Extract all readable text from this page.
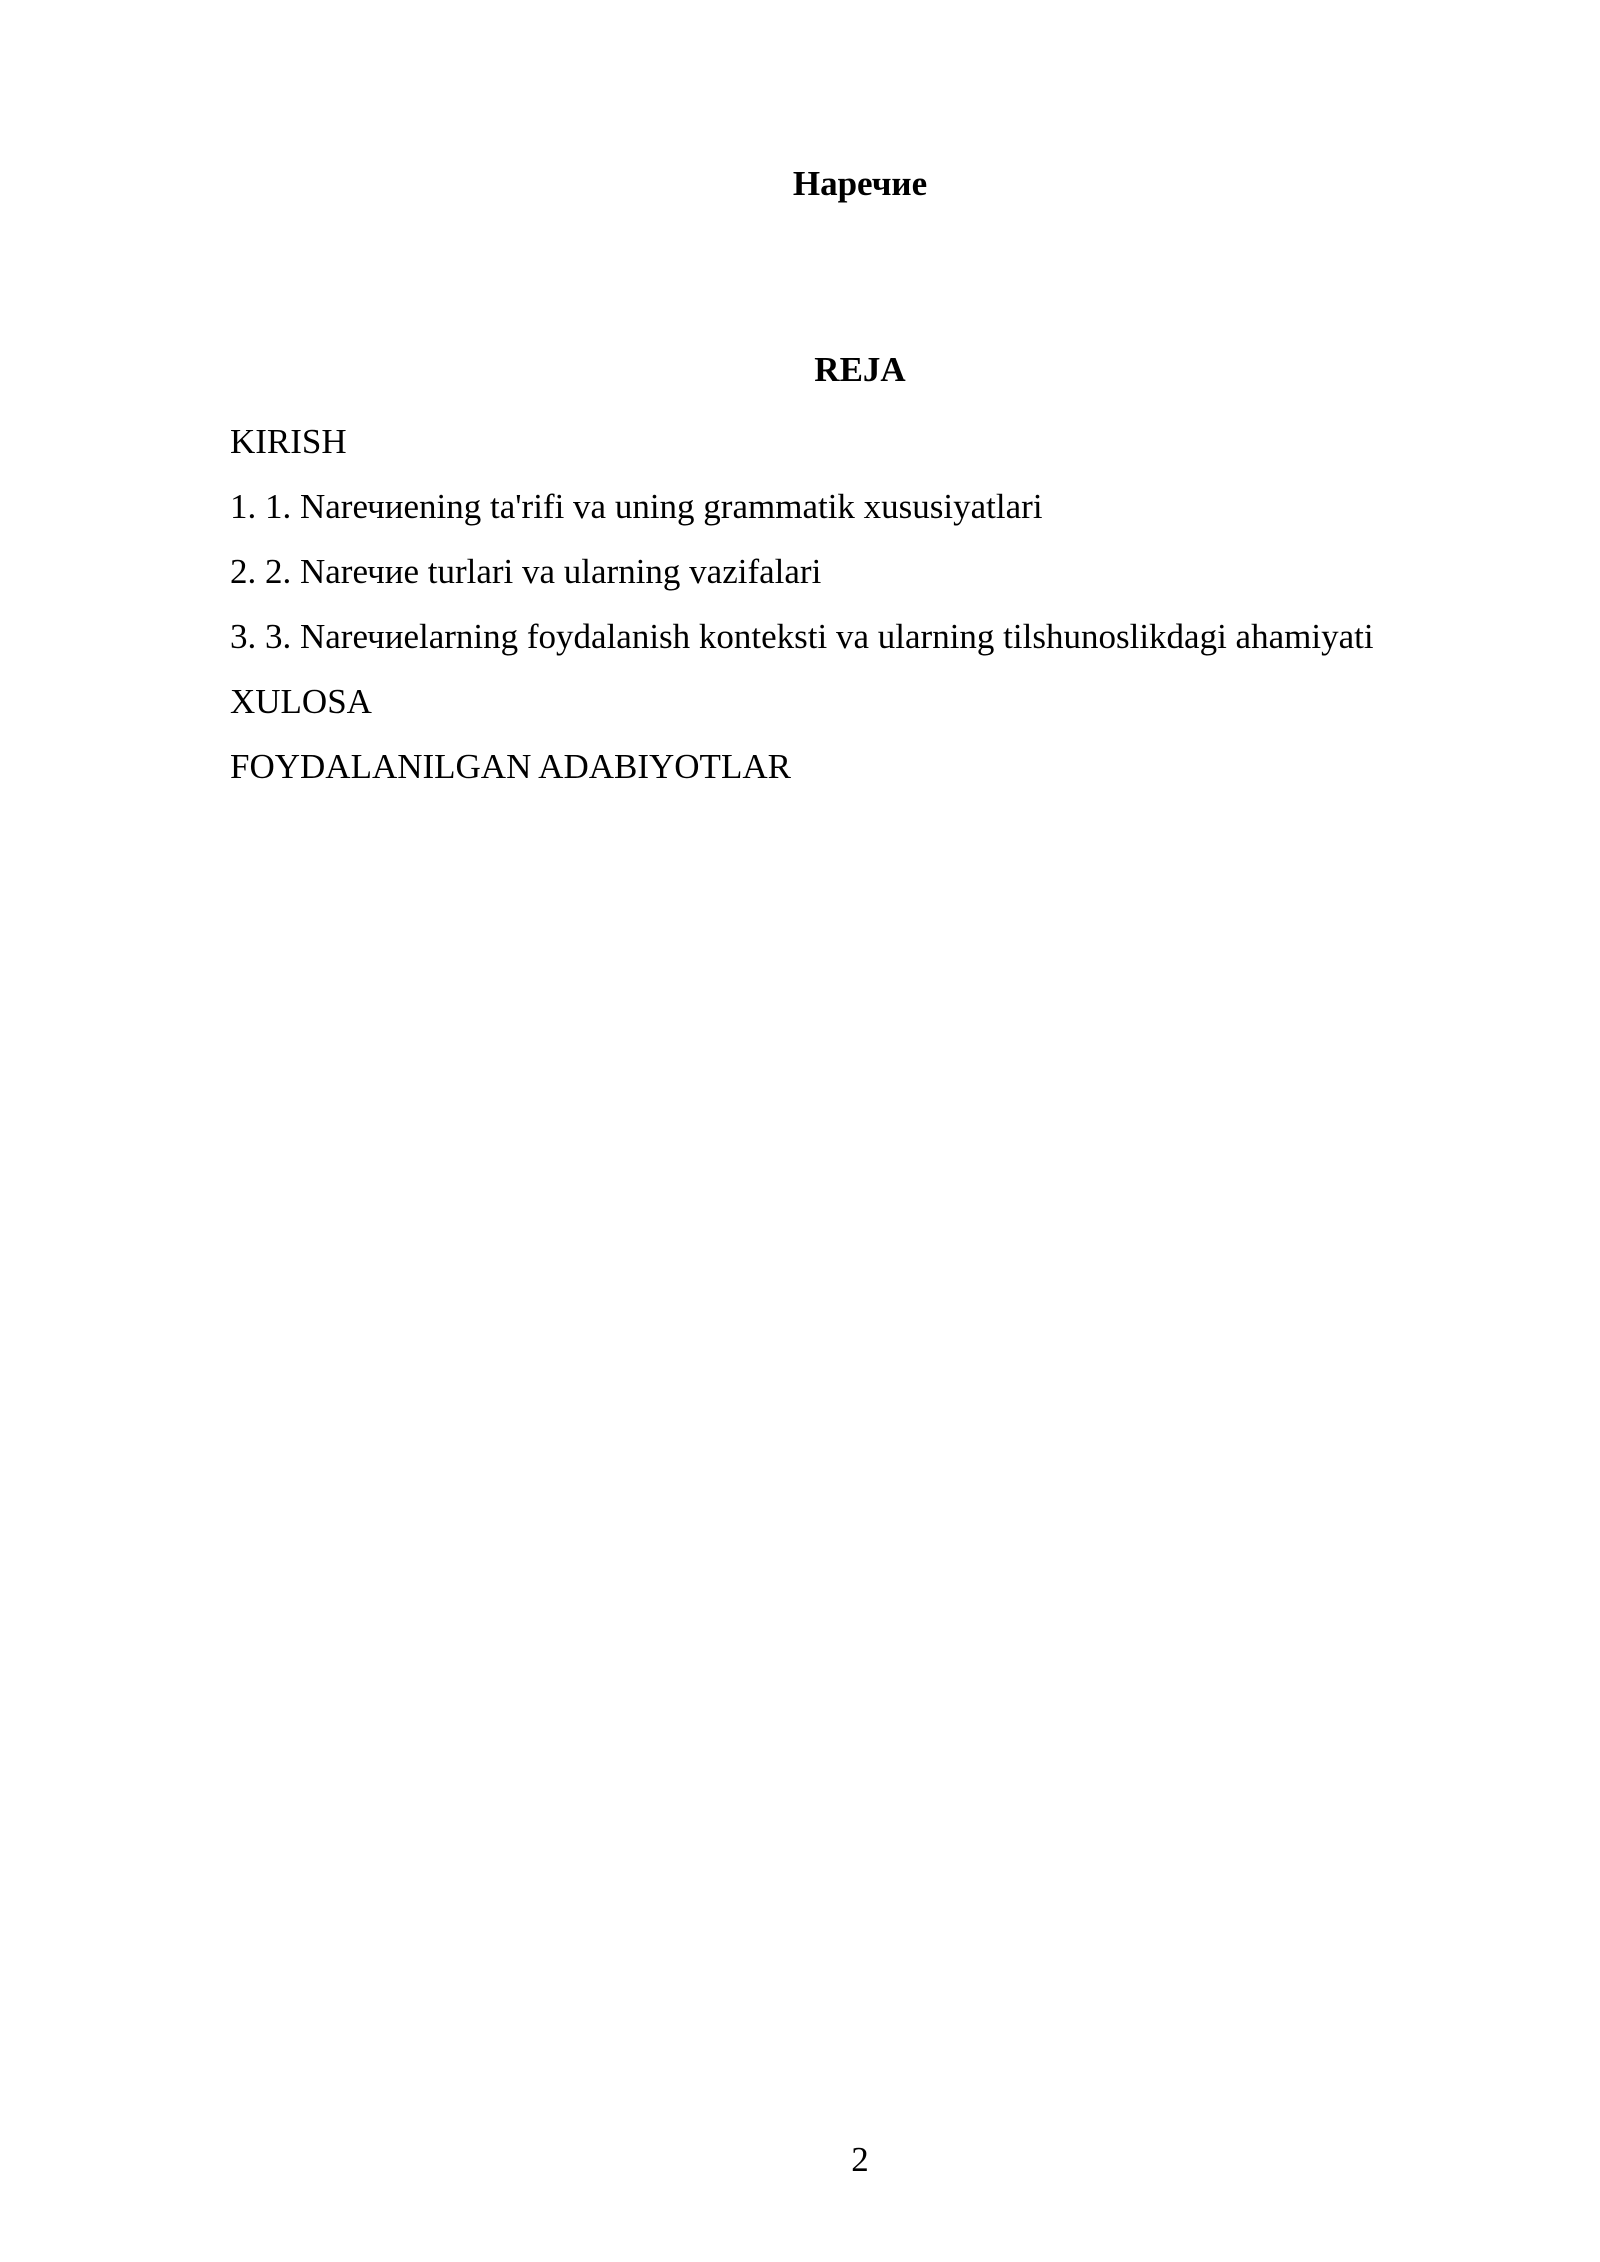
Наречие
REJA
KIRISH
1. 1. Narечиening ta'rifi va uning grammatik xususiyatlari
2. 2. Narечие turlari va ularning vazifalari
3. 3. Narечиelarning foydalanish konteksti va ularning tilshunoslikdagi ahamiyati
XULOSA
FOYDALANILGAN ADABIYOTLAR
2
